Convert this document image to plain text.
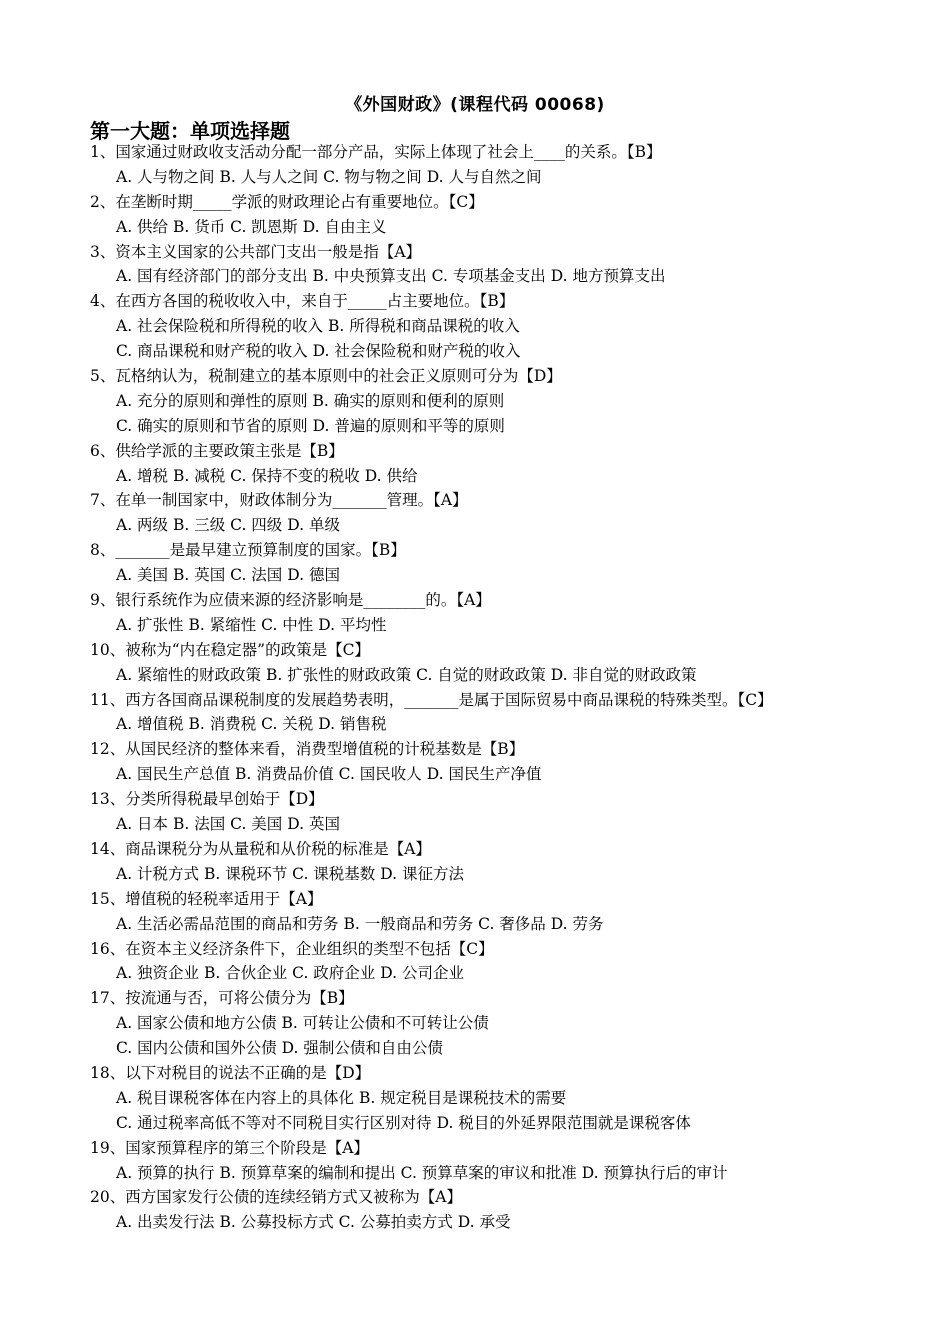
《外国财政》(课程代码 00068)
第一大题：单项选择题
1、国家通过财政收支活动分配一部分产品，实际上体现了社会上____的关系。【B】
A. 人与物之间 B. 人与人之间 C. 物与物之间 D. 人与自然之间
2、在垄断时期_____学派的财政理论占有重要地位。【C】
A. 供给 B. 货币 C. 凯恩斯 D. 自由主义
3、资本主义国家的公共部门支出一般是指【A】
A. 国有经济部门的部分支出 B. 中央预算支出 C. 专项基金支出 D. 地方预算支出
4、在西方各国的税收收入中，来自于_____占主要地位。【B】
A. 社会保险税和所得税的收入 B. 所得税和商品课税的收入
C. 商品课税和财产税的收入 D. 社会保险税和财产税的收入
5、瓦格纳认为，税制建立的基本原则中的社会正义原则可分为【D】
A. 充分的原则和弹性的原则 B. 确实的原则和便利的原则
C. 确实的原则和节省的原则 D. 普遍的原则和平等的原则
6、供给学派的主要政策主张是【B】
A. 增税 B. 减税 C. 保持不变的税收 D. 供给
7、在单一制国家中，财政体制分为_______管理。【A】
A. 两级 B. 三级 C. 四级 D. 单级
8、_______是最早建立预算制度的国家。【B】
A. 美国 B. 英国 C. 法国 D. 德国
9、银行系统作为应债来源的经济影响是________的。【A】
A. 扩张性 B. 紧缩性 C. 中性 D. 平均性
10、被称为“内在稳定器”的政策是【C】
A. 紧缩性的财政政策 B. 扩张性的财政政策 C. 自觉的财政政策 D. 非自觉的财政政策
11、西方各国商品课税制度的发展趋势表明，_______是属于国际贸易中商品课税的特殊类型。【C】
A. 增值税 B. 消费税 C. 关税 D. 销售税
12、从国民经济的整体来看，消费型增值税的计税基数是【B】
A. 国民生产总值 B. 消费品价值 C. 国民收人 D. 国民生产净值
13、分类所得税最早创始于【D】
A. 日本 B. 法国 C. 美国 D. 英国
14、商品课税分为从量税和从价税的标准是【A】
A. 计税方式 B. 课税环节 C. 课税基数 D. 课征方法
15、增值税的轻税率适用于【A】
A. 生活必需品范围的商品和劳务 B. 一般商品和劳务 C. 奢侈品 D. 劳务
16、在资本主义经济条件下，企业组织的类型不包括【C】
A. 独资企业 B. 合伙企业 C. 政府企业 D. 公司企业
17、按流通与否，可将公债分为【B】
A. 国家公债和地方公债 B. 可转让公债和不可转让公债
C. 国内公债和国外公债 D. 强制公债和自由公债
18、以下对税目的说法不正确的是【D】
A. 税目课税客体在内容上的具体化 B. 规定税目是课税技术的需要
C. 通过税率高低不等对不同税目实行区别对待 D. 税目的外延界限范围就是课税客体
19、国家预算程序的第三个阶段是【A】
A. 预算的执行 B. 预算草案的编制和提出 C. 预算草案的审议和批准 D. 预算执行后的审计
20、西方国家发行公债的连续经销方式又被称为【A】
A. 出卖发行法 B. 公募投标方式 C. 公募拍卖方式 D. 承受
